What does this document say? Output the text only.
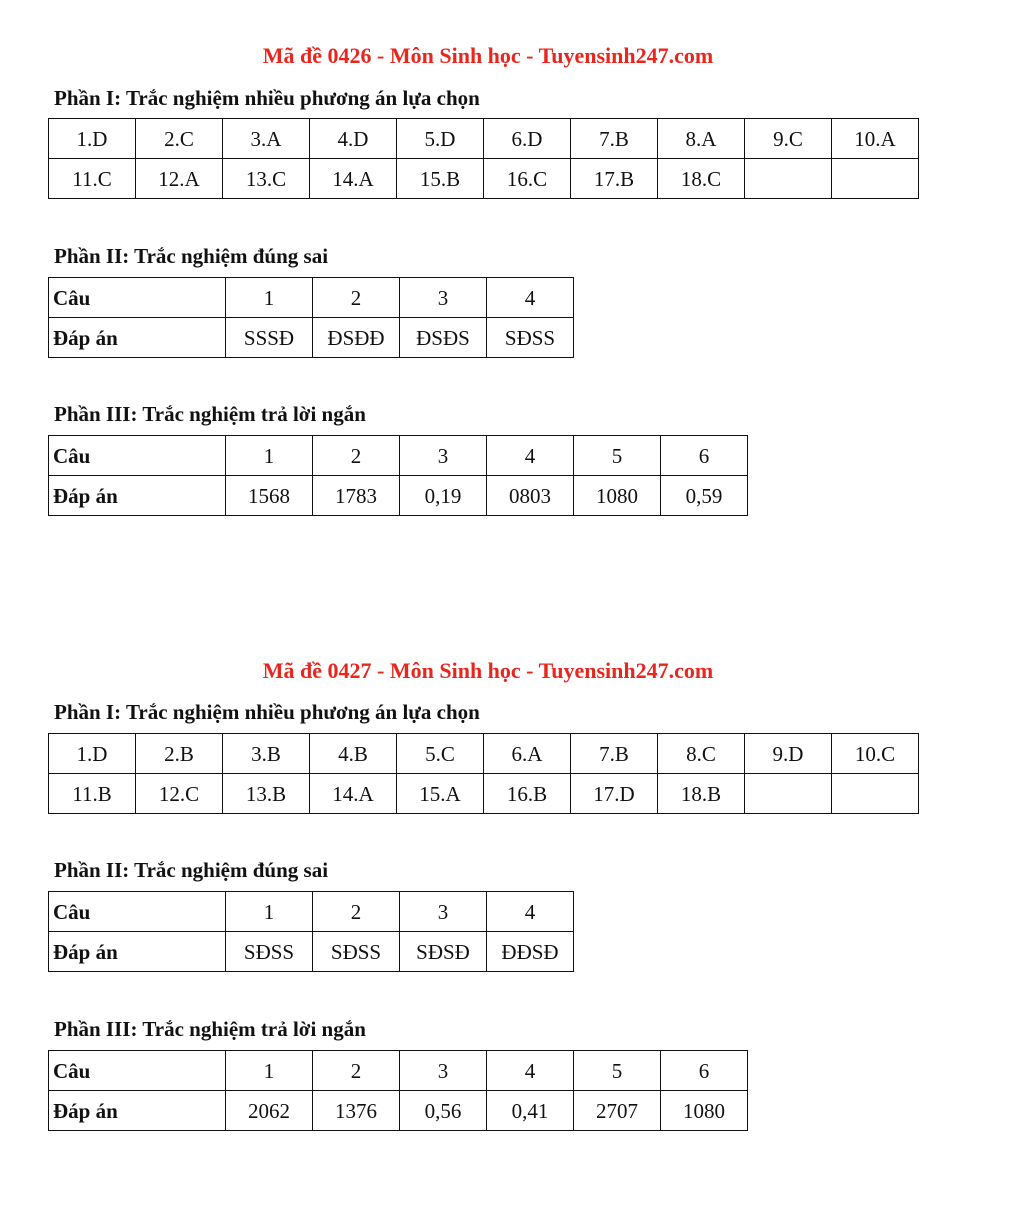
Mã đề 0426 - Môn Sinh học - Tuyensinh247.com
Phần I: Trắc nghiệm nhiều phương án lựa chọn
1.D	2.C	3.A	4.D	5.D	6.D	7.B	8.A	9.C	10.A
11.C	12.A	13.C	14.A	15.B	16.C	17.B	18.C		
Phần II: Trắc nghiệm đúng sai
Câu	1	2	3	4
Đáp án	SSSĐ	ĐSĐĐ	ĐSĐS	SĐSS
Phần III: Trắc nghiệm trả lời ngắn
Câu	1	2	3	4	5	6
Đáp án	1568	1783	0,19	0803	1080	0,59
Mã đề 0427 - Môn Sinh học - Tuyensinh247.com
Phần I: Trắc nghiệm nhiều phương án lựa chọn
1.D	2.B	3.B	4.B	5.C	6.A	7.B	8.C	9.D	10.C
11.B	12.C	13.B	14.A	15.A	16.B	17.D	18.B		
Phần II: Trắc nghiệm đúng sai
Câu	1	2	3	4
Đáp án	SĐSS	SĐSS	SĐSĐ	ĐĐSĐ
Phần III: Trắc nghiệm trả lời ngắn
Câu	1	2	3	4	5	6
Đáp án	2062	1376	0,56	0,41	2707	1080
